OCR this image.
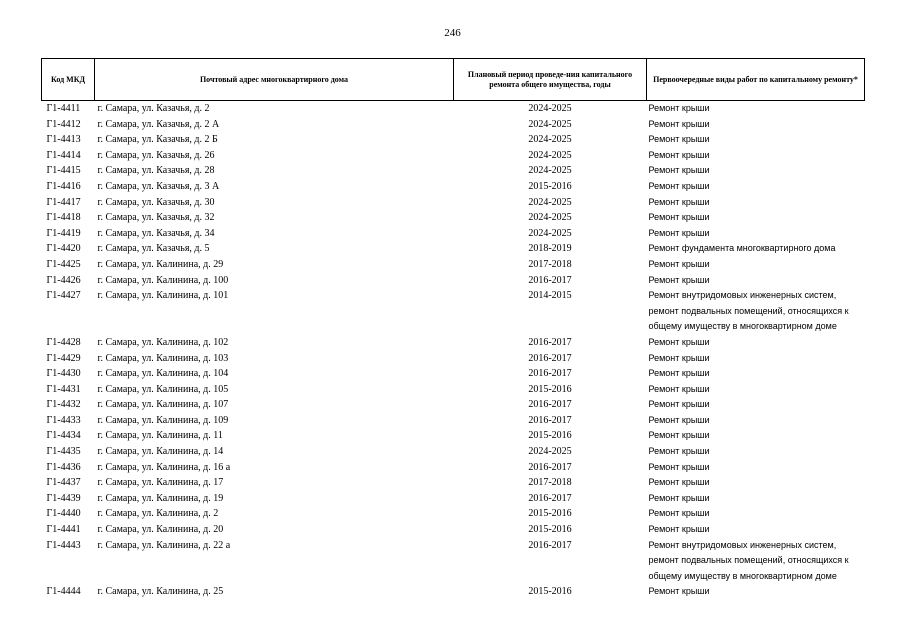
246
Код МКД	Почтовый адрес многоквартирного дома	Плановый период проведе-ния капитального ремонта общего имущества, годы	Первоочередные виды работ по капитальному ремонту*
Г1-4411	г. Самара, ул. Казачья, д. 2	2024-2025	Ремонт крыши
Г1-4412	г. Самара, ул. Казачья, д. 2 А	2024-2025	Ремонт крыши
Г1-4413	г. Самара, ул. Казачья, д. 2 Б	2024-2025	Ремонт крыши
Г1-4414	г. Самара, ул. Казачья, д. 26	2024-2025	Ремонт крыши
Г1-4415	г. Самара, ул. Казачья, д. 28	2024-2025	Ремонт крыши
Г1-4416	г. Самара, ул. Казачья, д. 3 А	2015-2016	Ремонт крыши
Г1-4417	г. Самара, ул. Казачья, д. 30	2024-2025	Ремонт крыши
Г1-4418	г. Самара, ул. Казачья, д. 32	2024-2025	Ремонт крыши
Г1-4419	г. Самара, ул. Казачья, д. 34	2024-2025	Ремонт крыши
Г1-4420	г. Самара, ул. Казачья, д. 5	2018-2019	Ремонт фундамента многоквартирного дома
Г1-4425	г. Самара, ул. Калинина, д. 29	2017-2018	Ремонт крыши
Г1-4426	г. Самара, ул. Калинина, д. 100	2016-2017	Ремонт крыши
Г1-4427	г. Самара, ул. Калинина, д. 101	2014-2015	Ремонт внутридомовых инженерных систем, ремонт подвальных помещений, относящихся к общему имуществу в многоквартирном доме
Г1-4428	г. Самара, ул. Калинина, д. 102	2016-2017	Ремонт крыши
Г1-4429	г. Самара, ул. Калинина, д. 103	2016-2017	Ремонт крыши
Г1-4430	г. Самара, ул. Калинина, д. 104	2016-2017	Ремонт крыши
Г1-4431	г. Самара, ул. Калинина, д. 105	2015-2016	Ремонт крыши
Г1-4432	г. Самара, ул. Калинина, д. 107	2016-2017	Ремонт крыши
Г1-4433	г. Самара, ул. Калинина, д. 109	2016-2017	Ремонт крыши
Г1-4434	г. Самара, ул. Калинина, д. 11	2015-2016	Ремонт крыши
Г1-4435	г. Самара, ул. Калинина, д. 14	2024-2025	Ремонт крыши
Г1-4436	г. Самара, ул. Калинина, д. 16 а	2016-2017	Ремонт крыши
Г1-4437	г. Самара, ул. Калинина, д. 17	2017-2018	Ремонт крыши
Г1-4439	г. Самара, ул. Калинина, д. 19	2016-2017	Ремонт крыши
Г1-4440	г. Самара, ул. Калинина, д. 2	2015-2016	Ремонт крыши
Г1-4441	г. Самара, ул. Калинина, д. 20	2015-2016	Ремонт крыши
Г1-4443	г. Самара, ул. Калинина, д. 22 а	2016-2017	Ремонт внутридомовых инженерных систем, ремонт подвальных помещений, относящихся к общему имуществу в многоквартирном доме
Г1-4444	г. Самара, ул. Калинина, д. 25	2015-2016	Ремонт крыши
